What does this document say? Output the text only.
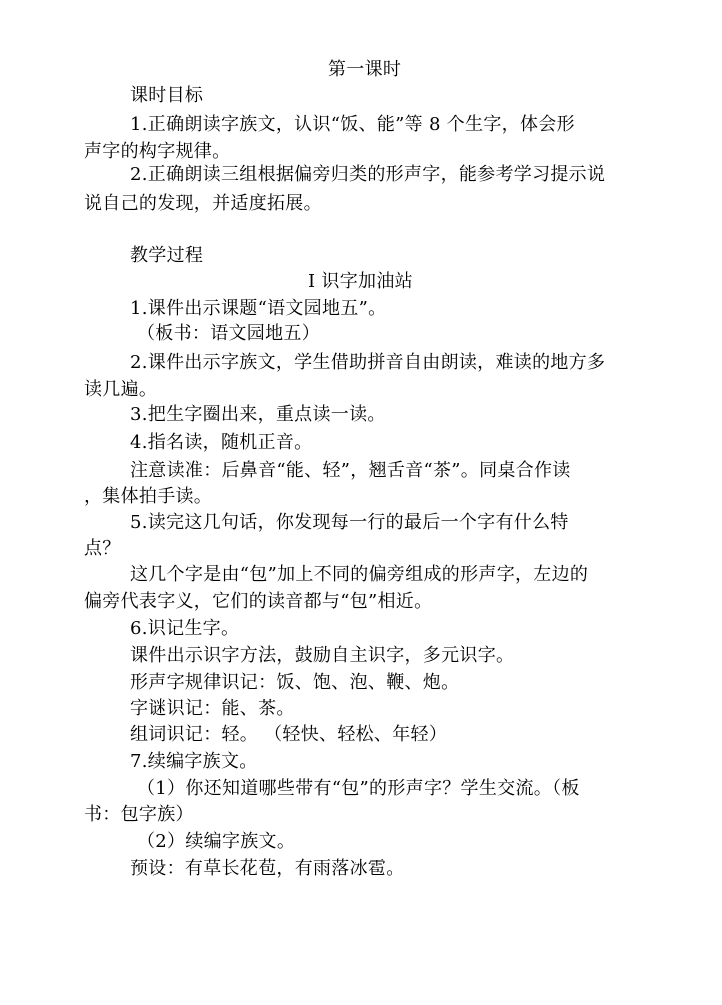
第一课时
课时目标
1.正确朗读字族文，认识“饭、能”等 8 个生字，体会形
声字的构字规律。
2.正确朗读三组根据偏旁归类的形声字，能参考学习提示说
说自己的发现，并适度拓展。
教学过程
Ⅰ 识字加油站
1.课件出示课题“语文园地五”。
（板书：语文园地五）
2.课件出示字族文，学生借助拼音自由朗读，难读的地方多
读几遍。
3.把生字圈出来，重点读一读。
4.指名读，随机正音。
注意读准：后鼻音“能、轻”，翘舌音“茶”。同桌合作读
，集体拍手读。
5.读完这几句话，你发现每一行的最后一个字有什么特
点？
这几个字是由“包”加上不同的偏旁组成的形声字，左边的
偏旁代表字义，它们的读音都与“包”相近。
6.识记生字。
课件出示识字方法，鼓励自主识字，多元识字。
形声字规律识记：饭、饱、泡、鞭、炮。
字谜识记：能、茶。
组词识记：轻。 （轻快、轻松、年轻）
7.续编字族文。
（1）你还知道哪些带有“包”的形声字？学生交流。（板
书：包字族）
（2）续编字族文。
预设：有草长花苞，有雨落冰雹。
